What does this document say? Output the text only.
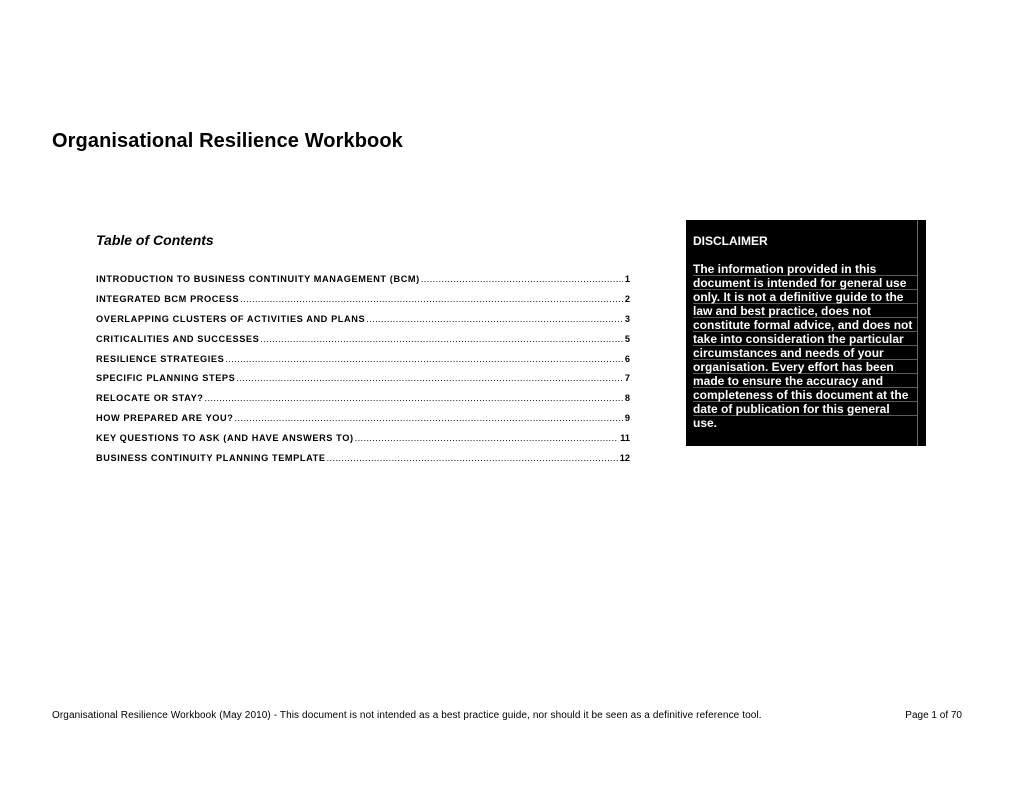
Organisational Resilience Workbook
Table of Contents
INTRODUCTION TO BUSINESS CONTINUITY MANAGEMENT (BCM) .....	1
INTEGRATED BCM PROCESS .....	2
OVERLAPPING CLUSTERS OF ACTIVITIES AND PLANS .....	3
CRITICALITIES AND SUCCESSES .....	5
RESILIENCE STRATEGIES .....	6
SPECIFIC PLANNING STEPS .....	7
RELOCATE OR STAY? .....	8
HOW PREPARED ARE YOU? .....	9
KEY QUESTIONS TO ASK (AND HAVE ANSWERS TO) .....	11
BUSINESS CONTINUITY PLANNING TEMPLATE .....	12

DISCLAIMER

The information provided in this
document is intended for general use
only. It is not a definitive guide to the
law and best practice, does not
constitute formal advice, and does not
take into consideration the particular
circumstances and needs of your
organisation. Every effort has been
made to ensure the accuracy and
completeness of this document at the
date of publication for this general
use.

Organisational Resilience Workbook (May 2010) - This document is not intended as a best practice guide, nor should it be seen as a definitive reference tool.	Page 1 of 70
